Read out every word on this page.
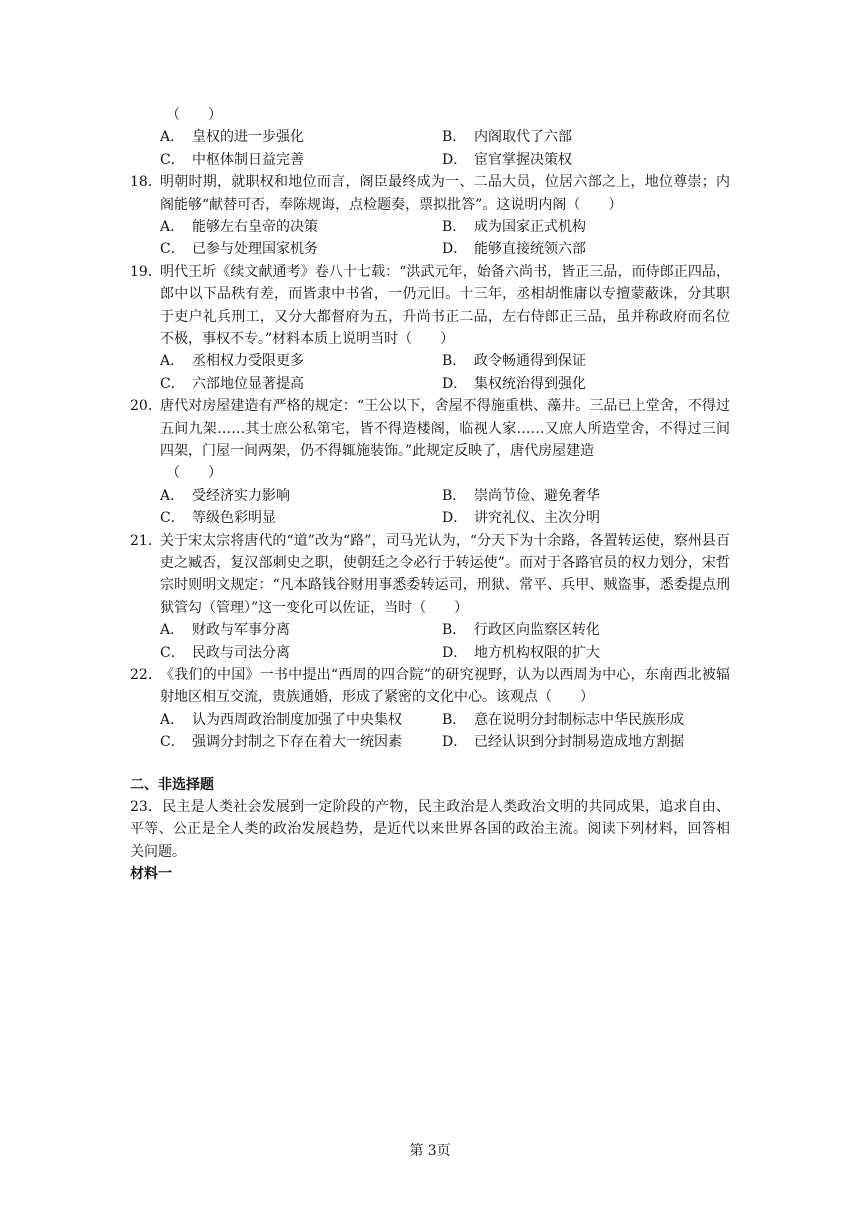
（　　）
A． 皇权的进一步强化	B． 内阁取代了六部
C． 中枢体制日益完善	D． 宦官掌握决策权
18．
明朝时期，就职权和地位而言，阁臣最终成为一、二品大员，位居六部之上，地位尊崇；内阁能够“献替可否，奉陈规诲，点检题奏，票拟批答”。这说明内阁（　　）
A． 能够左右皇帝的决策	B． 成为国家正式机构
C． 已参与处理国家机务	D． 能够直接统领六部
19．
明代王圻《续文献通考》卷八十七载：“洪武元年，始备六尚书，皆正三品，而侍郎正四品，郎中以下品秩有差，而皆隶中书省，一仍元旧。十三年，丞相胡惟庸以专擅蒙蔽诛，分其职于吏户礼兵刑工，又分大都督府为五，升尚书正二品，左右侍郎正三品，虽并称政府而名位不极，事权不专。”材料本质上说明当时（　　）
A． 丞相权力受限更多	B． 政令畅通得到保证
C． 六部地位显著提高	D． 集权统治得到强化
20．
唐代对房屋建造有严格的规定：“王公以下，舍屋不得施重栱、藻井。三品已上堂舍，不得过五间九架……其士庶公私第宅，皆不得造楼阁，临视人家……又庶人所造堂舍，不得过三间四架，门屋一间两架，仍不得辄施装饰。”此规定反映了，唐代房屋建造
（　　）
A． 受经济实力影响	B． 崇尚节俭、避免奢华
C． 等级色彩明显	D． 讲究礼仪、主次分明
21．
关于宋太宗将唐代的“道”改为“路”，司马光认为，“分天下为十余路，各置转运使，察州县百吏之臧否，复汉部刺史之职，使朝廷之令必行于转运使”。而对于各路官员的权力划分，宋哲宗时则明文规定：“凡本路钱谷财用事悉委转运司，刑狱、常平、兵甲、贼盗事，悉委提点刑狱管勾（管理）”这一变化可以佐证，当时（　　）
A． 财政与军事分离	B． 行政区向监察区转化
C． 民政与司法分离	D． 地方机构权限的扩大
22．
《我们的中国》一书中提出“西周的四合院”的研究视野，认为以西周为中心，东南西北被辐射地区相互交流，贵族通婚，形成了紧密的文化中心。该观点（　　）
A． 认为西周政治制度加强了中央集权	B． 意在说明分封制标志中华民族形成
C． 强调分封制之下存在着大一统因素	D． 已经认识到分封制易造成地方割据
二、非选择题
23．民主是人类社会发展到一定阶段的产物，民主政治是人类政治文明的共同成果，追求自由、平等、公正是全人类的政治发展趋势，是近代以来世界各国的政治主流。阅读下列材料，回答相关问题。
材料一
第 3页
